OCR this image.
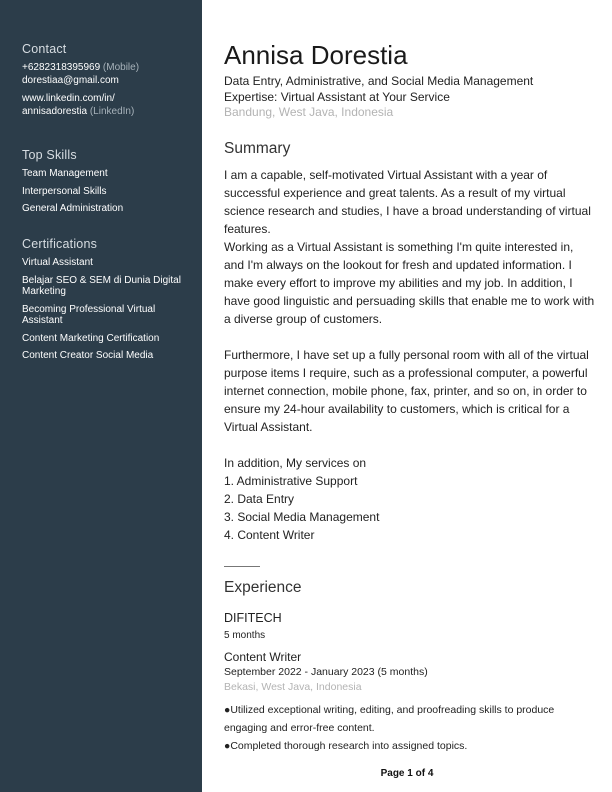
Contact
+6282318395969 (Mobile)
dorestiaa@gmail.com
www.linkedin.com/in/
annisadorestia (LinkedIn)
Top Skills
Team Management
Interpersonal Skills
General Administration
Certifications
Virtual Assistant
Belajar SEO & SEM di Dunia Digital Marketing
Becoming Professional Virtual Assistant
Content Marketing Certification
Content Creator Social Media
Annisa Dorestia
Data Entry, Administrative, and Social Media Management
Expertise: Virtual Assistant at Your Service
Bandung, West Java, Indonesia
Summary

I am a capable, self-motivated Virtual Assistant with a year of successful experience and great talents. As a result of my virtual science research and studies, I have a broad understanding of virtual features.

Working as a Virtual Assistant is something I'm quite interested in, and I'm always on the lookout for fresh and updated information. I make every effort to improve my abilities and my job. In addition, I have good linguistic and persuading skills that enable me to work with a diverse group of customers.

Furthermore, I have set up a fully personal room with all of the virtual purpose items I require, such as a professional computer, a powerful internet connection, mobile phone, fax, printer, and so on, in order to ensure my 24-hour availability to customers, which is critical for a Virtual Assistant.

In addition, My services on

1. Administrative Support

2. Data Entry

3. Social Media Management

4. Content Writer

Experience
DIFITECH
5 months
Content Writer
September 2022 - January 2023 (5 months)
Bekasi, West Java, Indonesia
●Utilized exceptional writing, editing, and proofreading skills to produce engaging and error-free content.
●Completed thorough research into assigned topics.
Page 1 of 4
